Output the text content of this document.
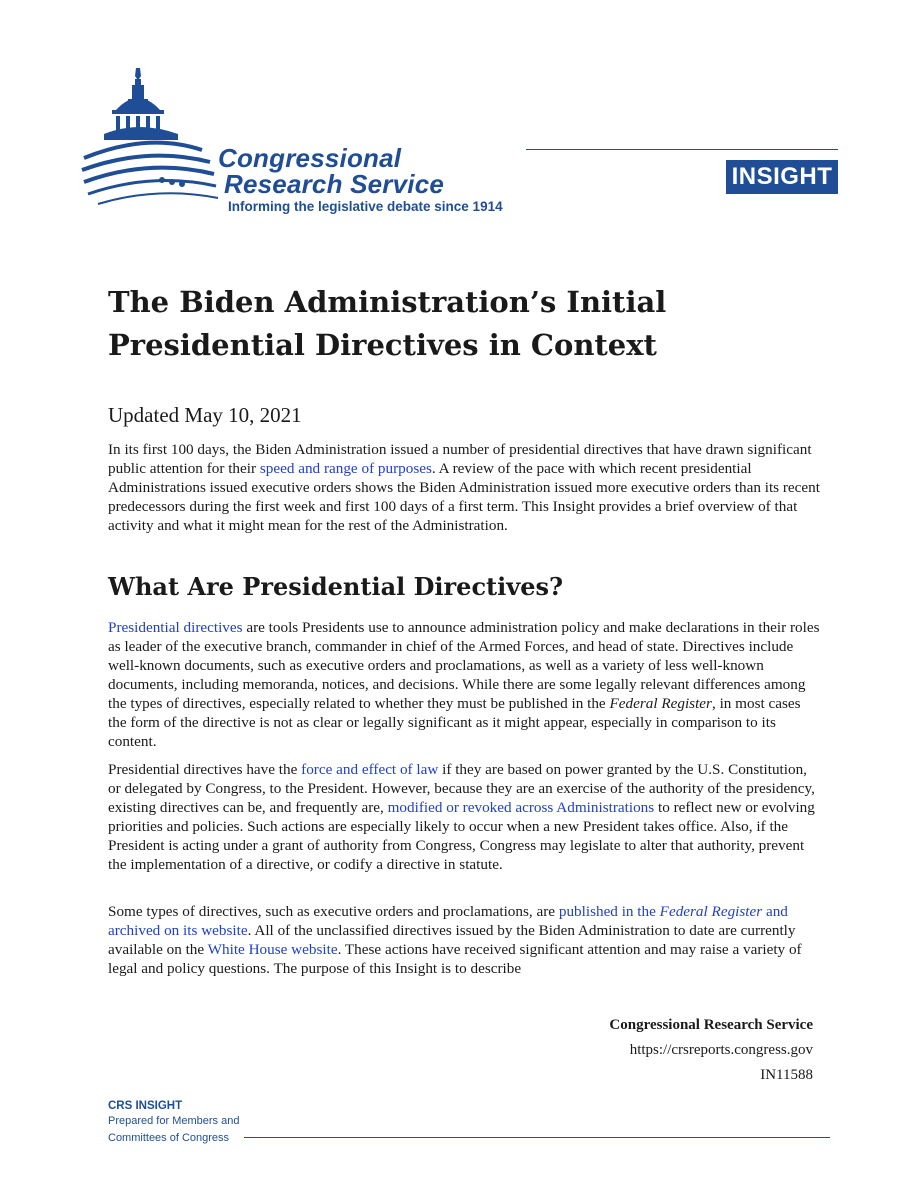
Congressional
Research Service
Informing the legislative debate since 1914
INSIGHT
The Biden Administration’s Initial Presidential Directives in Context
Updated May 10, 2021

In its first 100 days, the Biden Administration issued a number of presidential directives that have drawn significant public attention for their speed and range of purposes. A review of the pace with which recent presidential Administrations issued executive orders shows the Biden Administration issued more executive orders than its recent predecessors during the first week and first 100 days of a first term. This Insight provides a brief overview of that activity and what it might mean for the rest of the Administration.

What Are Presidential Directives?

Presidential directives are tools Presidents use to announce administration policy and make declarations in their roles as leader of the executive branch, commander in chief of the Armed Forces, and head of state. Directives include well-known documents, such as executive orders and proclamations, as well as a variety of less well-known documents, including memoranda, notices, and decisions. While there are some legally relevant differences among the types of directives, especially related to whether they must be published in the Federal Register, in most cases the form of the directive is not as clear or legally significant as it might appear, especially in comparison to its content.

Presidential directives have the force and effect of law if they are based on power granted by the U.S. Constitution, or delegated by Congress, to the President. However, because they are an exercise of the authority of the presidency, existing directives can be, and frequently are, modified or revoked across Administrations to reflect new or evolving priorities and policies. Such actions are especially likely to occur when a new President takes office. Also, if the President is acting under a grant of authority from Congress, Congress may legislate to alter that authority, prevent the implementation of a directive, or codify a directive in statute.

Some types of directives, such as executive orders and proclamations, are published in the Federal Register and archived on its website. All of the unclassified directives issued by the Biden Administration to date are currently available on the White House website. These actions have received significant attention and may raise a variety of legal and policy questions. The purpose of this Insight is to describe

Congressional Research Service
https://crsreports.congress.gov
IN11588
CRS INSIGHT
Prepared for Members and
Committees of Congress
